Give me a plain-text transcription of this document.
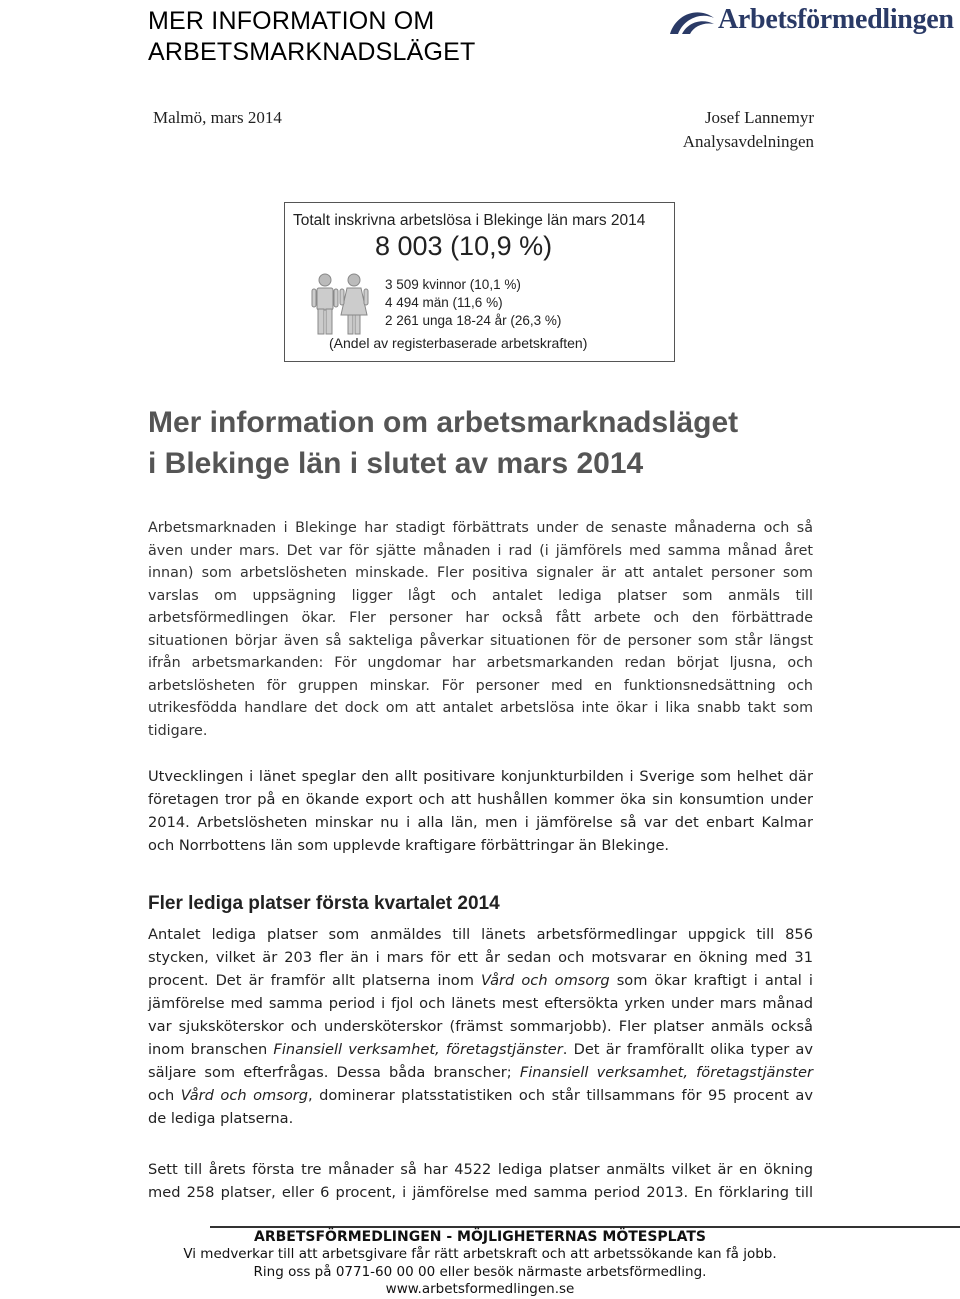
MER INFORMATION OM
ARBETSMARKNADSLÄGET
Arbetsförmedlingen
Malmö, mars 2014	Josef Lannemyr
Analysavdelningen
Totalt inskrivna arbetslösa i Blekinge län mars 2014
8 003 (10,9 %)
3 509 kvinnor (10,1 %)
4 494 män (11,6 %)
2 261 unga 18-24 år (26,3 %)
(Andel av registerbaserade arbetskraften)
Mer information om arbetsmarknadsläget
i Blekinge län i slutet av mars 2014
Arbetsmarknaden i Blekinge har stadigt förbättrats under de senaste månaderna och så
även under mars. Det var för sjätte månaden i rad (i jämförels med samma månad året
innan) som arbetslösheten minskade. Fler positiva signaler är att antalet personer som
varslas om uppsägning ligger lågt och antalet lediga platser som anmäls till
arbetsförmedlingen ökar. Fler personer har också fått arbete och den förbättrade
situationen börjar även så sakteliga påverkar situationen för de personer som står längst
ifrån arbetsmarkanden: För ungdomar har arbetsmarkanden redan börjat ljusna, och
arbetslösheten för gruppen minskar. För personer med en funktionsnedsättning och
utrikesfödda handlare det dock om att antalet arbetslösa inte ökar i lika snabb takt som
tidigare.
Utvecklingen i länet speglar den allt positivare konjunkturbilden i Sverige som helhet där
företagen tror på en ökande export och att hushållen kommer öka sin konsumtion under
2014. Arbetslösheten minskar nu i alla län, men i jämförelse så var det enbart Kalmar
och Norrbottens län som upplevde kraftigare förbättringar än Blekinge.
Fler lediga platser första kvartalet 2014
Antalet lediga platser som anmäldes till länets arbetsförmedlingar uppgick till 856
stycken, vilket är 203 fler än i mars för ett år sedan och motsvarar en ökning med 31
procent. Det är framför allt platserna inom Vård och omsorg som ökar kraftigt i antal i
jämförelse med samma period i fjol och länets mest eftersökta yrken under mars månad
var sjuksköterskor och undersköterskor (främst sommarjobb). Fler platser anmäls också
inom branschen Finansiell verksamhet, företagstjänster. Det är framförallt olika typer av
säljare som efterfrågas. Dessa båda branscher; Finansiell verksamhet, företagstjänster
och Vård och omsorg, dominerar platsstatistiken och står tillsammans för 95 procent av
de lediga platserna.
Sett till årets första tre månader så har 4522 lediga platser anmälts vilket är en ökning
med 258 platser, eller 6 procent, i jämförelse med samma period 2013. En förklaring till
ARBETSFÖRMEDLINGEN - MÖJLIGHETERNAS MÖTESPLATS
Vi medverkar till att arbetsgivare får rätt arbetskraft och att arbetssökande kan få jobb.
Ring oss på 0771-60 00 00 eller besök närmaste arbetsförmedling.
www.arbetsformedlingen.se
